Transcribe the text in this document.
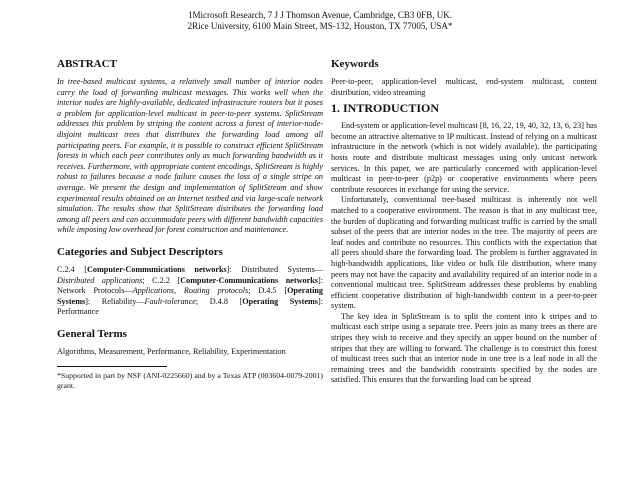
1Microsoft Research, 7 J J Thomson Avenue, Cambridge, CB3 0FB, UK.
2Rice University, 6100 Main Street, MS-132, Houston, TX 77005, USA*
ABSTRACT

In tree-based multicast systems, a relatively small number of interior nodes carry the load of forwarding multicast messages. This works well when the interior nodes are highly-available, dedicated infrastructure routers but it poses a problem for application-level multicast in peer-to-peer systems. SplitStream addresses this problem by striping the content across a forest of interior-node-disjoint multicast trees that distributes the forwarding load among all participating peers. For example, it is possible to construct efficient SplitStream forests in which each peer contributes only as much forwarding bandwidth as it receives. Furthermore, with appropriate content encodings, SplitStream is highly robust to failures because a node failure causes the loss of a single stripe on average. We present the design and implementation of SplitStream and show experimental results obtained on an Internet testbed and via large-scale network simulation. The results show that SplitStream distributes the forwarding load among all peers and can accommodate peers with different bandwidth capacities while imposing low overhead for forest construction and maintenance.

Categories and Subject Descriptors

C.2.4 [Computer-Communications networks]: Distributed Systems—Distributed applications; C.2.2 [Computer-Communications networks]: Network Protocols—Applications, Routing protocols; D.4.5 [Operating Systems]: Reliability—Fault-tolerance; D.4.8 [Operating Systems]: Performance

General Terms

Algorithms, Measurement, Performance, Reliability, Experimentation

*Supported in part by NSF (ANI-0225660) and by a Texas ATP (003604-0079-2001) grant.

Keywords

Peer-to-peer, application-level multicast, end-system multicast, content distribution, video streaming

1. INTRODUCTION

End-system or application-level multicast [8, 16, 22, 19, 40, 32, 13, 6, 23] has become an attractive alternative to IP multicast. Instead of relying on a multicast infrastructure in the network (which is not widely available), the participating hosts route and distribute multicast messages using only unicast network services. In this paper, we are particularly concerned with application-level multicast in peer-to-peer (p2p) or cooperative environments where peers contribute resources in exchange for using the service.

Unfortunately, conventional tree-based multicast is inherently not well matched to a cooperative environment. The reason is that in any multicast tree, the burden of duplicating and forwarding multicast traffic is carried by the small subset of the peers that are interior nodes in the tree. The majority of peers are leaf nodes and contribute no resources. This conflicts with the expectation that all peers should share the forwarding load. The problem is further aggravated in high-bandwidth applications, like video or bulk file distribution, where many peers may not have the capacity and availability required of an interior node in a conventional multicast tree. SplitStream addresses these problems by enabling efficient cooperative distribution of high-bandwidth content in a peer-to-peer system.

The key idea in SplitStream is to split the content into k stripes and to multicast each stripe using a separate tree. Peers join as many trees as there are stripes they wish to receive and they specify an upper bound on the number of stripes that they are willing to forward. The challenge is to construct this forest of multicast trees such that an interior node in one tree is a leaf node in all the remaining trees and the bandwidth constraints specified by the nodes are satisfied. This ensures that the forwarding load can be spread
